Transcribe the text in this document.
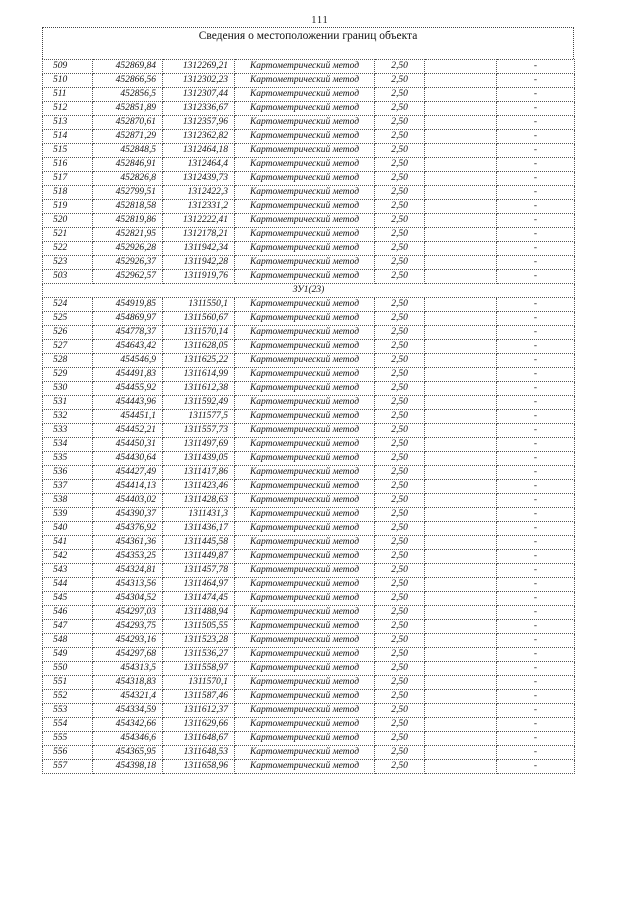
111
Сведения о местоположении границ объекта
509	452869,84	1312269,21	Картометрический метод	2,50		-
510	452866,56	1312302,23	Картометрический метод	2,50		-
511	452856,5	1312307,44	Картометрический метод	2,50		-
512	452851,89	1312336,67	Картометрический метод	2,50		-
513	452870,61	1312357,96	Картометрический метод	2,50		-
514	452871,29	1312362,82	Картометрический метод	2,50		-
515	452848,5	1312464,18	Картометрический метод	2,50		-
516	452846,91	1312464,4	Картометрический метод	2,50		-
517	452826,8	1312439,73	Картометрический метод	2,50		-
518	452799,51	1312422,3	Картометрический метод	2,50		-
519	452818,58	1312331,2	Картометрический метод	2,50		-
520	452819,86	1312222,41	Картометрический метод	2,50		-
521	452821,95	1312178,21	Картометрический метод	2,50		-
522	452926,28	1311942,34	Картометрический метод	2,50		-
523	452926,37	1311942,28	Картометрический метод	2,50		-
503	452962,57	1311919,76	Картометрический метод	2,50		-
ЗУ1(23)						
524	454919,85	1311550,1	Картометрический метод	2,50		-
525	454869,97	1311560,67	Картометрический метод	2,50		-
526	454778,37	1311570,14	Картометрический метод	2,50		-
527	454643,42	1311628,05	Картометрический метод	2,50		-
528	454546,9	1311625,22	Картометрический метод	2,50		-
529	454491,83	1311614,99	Картометрический метод	2,50		-
530	454455,92	1311612,38	Картометрический метод	2,50		-
531	454443,96	1311592,49	Картометрический метод	2,50		-
532	454451,1	1311577,5	Картометрический метод	2,50		-
533	454452,21	1311557,73	Картометрический метод	2,50		-
534	454450,31	1311497,69	Картометрический метод	2,50		-
535	454430,64	1311439,05	Картометрический метод	2,50		-
536	454427,49	1311417,86	Картометрический метод	2,50		-
537	454414,13	1311423,46	Картометрический метод	2,50		-
538	454403,02	1311428,63	Картометрический метод	2,50		-
539	454390,37	1311431,3	Картометрический метод	2,50		-
540	454376,92	1311436,17	Картометрический метод	2,50		-
541	454361,36	1311445,58	Картометрический метод	2,50		-
542	454353,25	1311449,87	Картометрический метод	2,50		-
543	454324,81	1311457,78	Картометрический метод	2,50		-
544	454313,56	1311464,97	Картометрический метод	2,50		-
545	454304,52	1311474,45	Картометрический метод	2,50		-
546	454297,03	1311488,94	Картометрический метод	2,50		-
547	454293,75	1311505,55	Картометрический метод	2,50		-
548	454293,16	1311523,28	Картометрический метод	2,50		-
549	454297,68	1311536,27	Картометрический метод	2,50		-
550	454313,5	1311558,97	Картометрический метод	2,50		-
551	454318,83	1311570,1	Картометрический метод	2,50		-
552	454321,4	1311587,46	Картометрический метод	2,50		-
553	454334,59	1311612,37	Картометрический метод	2,50		-
554	454342,66	1311629,66	Картометрический метод	2,50		-
555	454346,6	1311648,67	Картометрический метод	2,50		-
556	454365,95	1311648,53	Картометрический метод	2,50		-
557	454398,18	1311658,96	Картометрический метод	2,50		-
